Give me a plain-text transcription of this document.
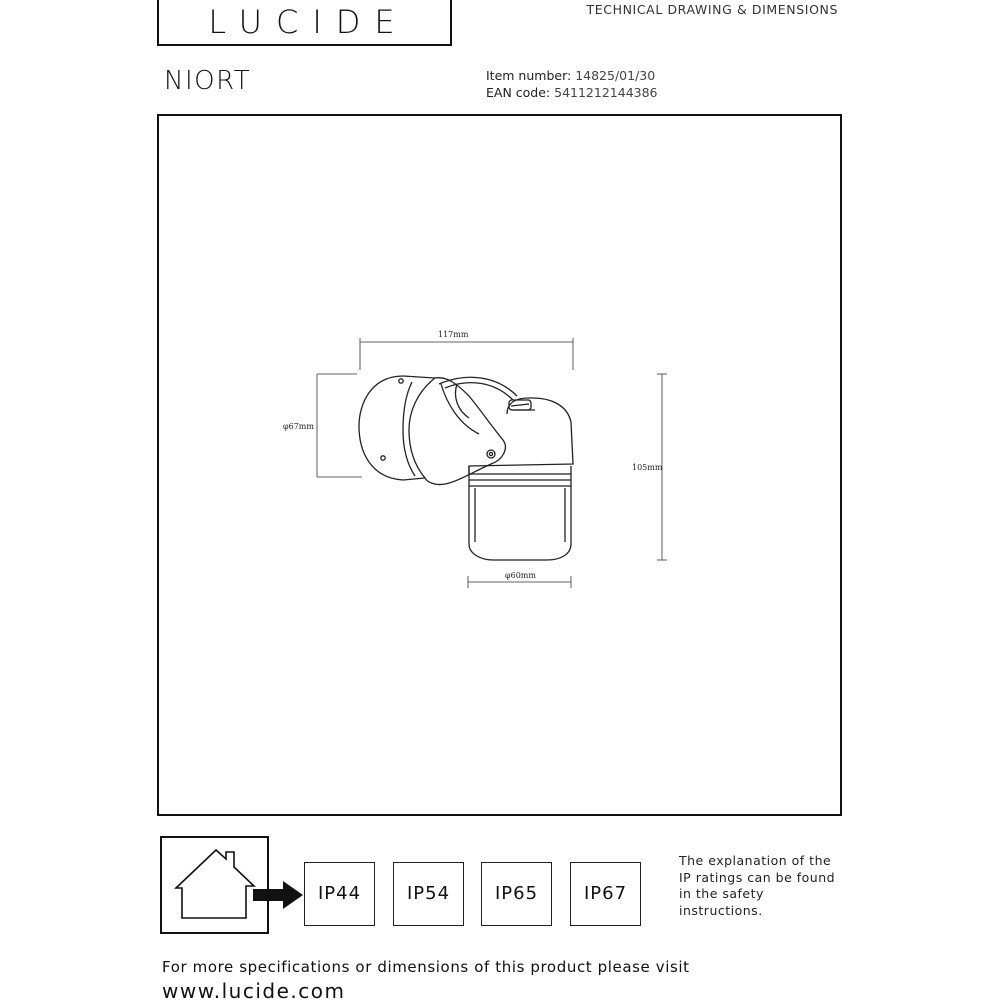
LUCIDE	TECHNICAL DRAWING & DIMENSIONS
NIORT	Item number: 14825/01/30
EAN code: 5411212144386
117mm
105mm
φ67mm
φ60mm
IP44	IP54	IP65	IP67
The explanation of the
IP ratings can be found
in the safety
instructions.
For more specifications or dimensions of this product please visit
www.lucide.com
